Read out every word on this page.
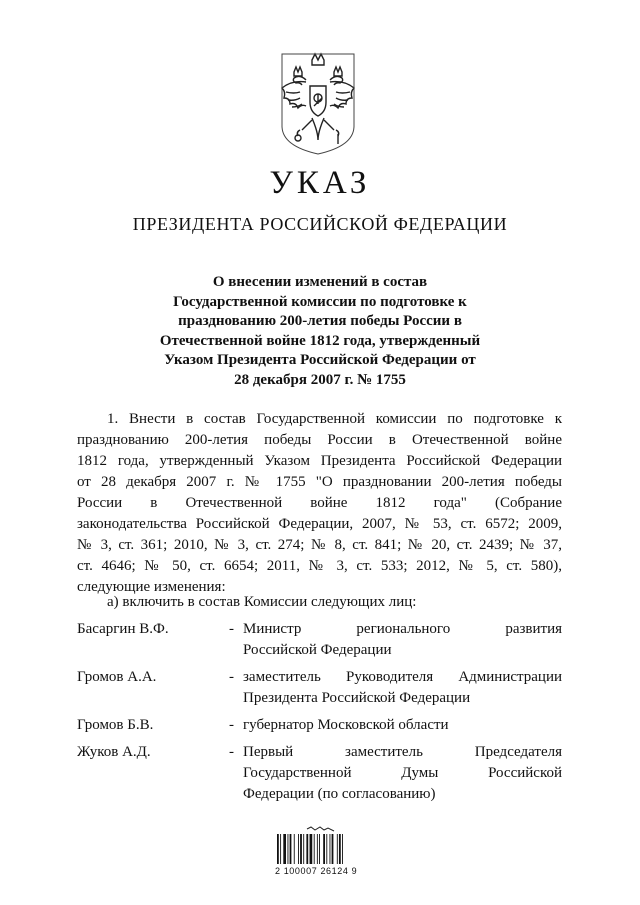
УКАЗ
ПРЕЗИДЕНТА РОССИЙСКОЙ ФЕДЕРАЦИИ
О внесении изменений в состав
Государственной комиссии по подготовке к
празднованию 200-летия победы России в
Отечественной войне 1812 года, утвержденный
Указом Президента Российской Федерации от
28 декабря 2007 г. № 1755
1. Внести в состав Государственной комиссии по подготовке к
празднованию 200-летия победы России в Отечественной войне
1812 года, утвержденный Указом Президента Российской Федерации
от 28 декабря 2007 г. № 1755 "О праздновании 200-летия победы
России в Отечественной войне 1812 года" (Собрание
законодательства Российской Федерации, 2007, № 53, ст. 6572; 2009,
№ 3, ст. 361; 2010, № 3, ст. 274; № 8, ст. 841; № 20, ст. 2439; № 37,
ст. 4646; № 50, ст. 6654; 2011, № 3, ст. 533; 2012, № 5, ст. 580),
следующие изменения:
а) включить в состав Комиссии следующих лиц:
Басаргин В.Ф.	- Министр регионального развития
Российской Федерации
Громов А.А.	- заместитель Руководителя Администрации
Президента Российской Федерации
Громов Б.В.	- губернатор Московской области
Жуков А.Д.	- Первый заместитель Председателя
Государственной Думы Российской
Федерации (по согласованию)
2 100007 26124 9
